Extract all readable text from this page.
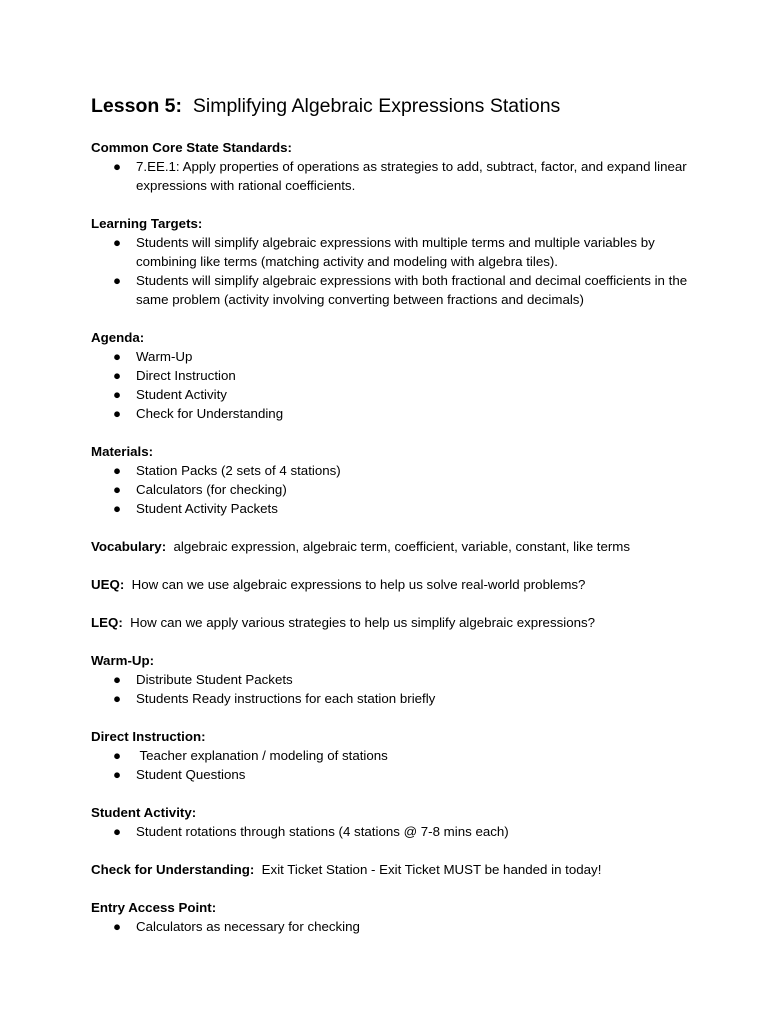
Lesson 5: Simplifying Algebraic Expressions Stations
Common Core State Standards:
● 7.EE.1: Apply properties of operations as strategies to add, subtract, factor, and expand linear expressions with rational coefficients.
Learning Targets:
● Students will simplify algebraic expressions with multiple terms and multiple variables by combining like terms (matching activity and modeling with algebra tiles).
● Students will simplify algebraic expressions with both fractional and decimal coefficients in the same problem (activity involving converting between fractions and decimals)
Agenda:
● Warm-Up
● Direct Instruction
● Student Activity
● Check for Understanding
Materials:
● Station Packs (2 sets of 4 stations)
● Calculators (for checking)
● Student Activity Packets
Vocabulary: algebraic expression, algebraic term, coefficient, variable, constant, like terms
UEQ: How can we use algebraic expressions to help us solve real-world problems?
LEQ: How can we apply various strategies to help us simplify algebraic expressions?
Warm-Up:
● Distribute Student Packets
● Students Ready instructions for each station briefly
Direct Instruction:
● Teacher explanation / modeling of stations
● Student Questions
Student Activity:
● Student rotations through stations (4 stations @ 7-8 mins each)
Check for Understanding: Exit Ticket Station - Exit Ticket MUST be handed in today!
Entry Access Point:
● Calculators as necessary for checking
